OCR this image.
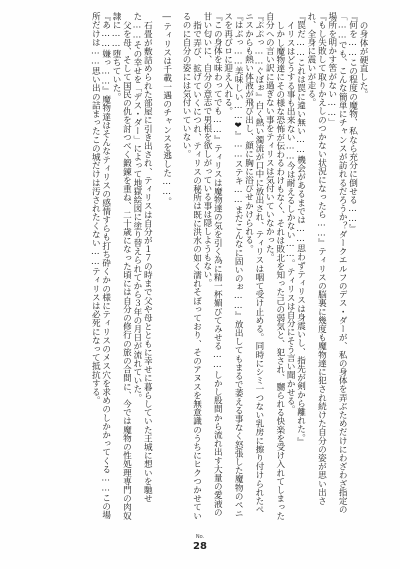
の身体が硬直した。

『何を……この程度の魔物、私なら充分に倒せる……』

「……でも、こんな簡単にチャンスが訪れるだろうか？ダークエルフのデス・ダーが、私の身体を弄ぶためだけにわざわざ指定の場所を明かす筈がない……」

『もし失敗して取りかえしのつかない状況になったら……』ティリスの脳裏に幾度も魔物達に犯され続けた自分の姿が思い出され、全身に震いが走る。

『罠だ……これは罠に違い無い……機会があるまでは……思わずティリスは身震いし、指先が剣から離れた。』

イリスはどうする事も出来ない……今は耐えるしかない……。ティリスは自分にそう言い聞かせる。

しかし魔物達にその様な恐怖が伝わるわけもなく、それは敗北を知った己の弱気と、犯され、嬲られる快楽を受け入れてしまった自分への言い訳に過ぎない事をティリスは気付いていなかった。

『ぷぷっ……ぐぼぉ』白く熱い濁流が口中に放出され、ティリスは咽て受け止める。同時にシミ一つない乳房に擦り付けられたペニスからも熱い体液が飛び出し、顔に胸に浴びせかけられる。

『はぶっ……美味しい……❤』……ステキ……まだこんなに固いのぉ……』放出してもまるで萎える事なく怒張した魔物のペニスを再びロに迎え入れる。

『この身体を味わってでも……』ティリスは魔物達の気を引く為に精一杯媚びてみせる……しかし股間から流れ出す大量の愛液の甘い匂いに、自分の意志で男根を欲しがっている事は隠しようもない。

指で弄び、拡げていくにつれ、ティリスの秘所は既に洪水の如く濡れそぼっており、そのアヌスを無意識のうちにヒクつかせているのに自分の姿には気付いていない。

―ティリスは千載一遇のチャンスを逃した……。

石畳が敷詰められた部屋に引き出され、ティリスは自分が１７の時まで父や母とともに幸せに暮らしていた王城に想いを馳せた……その幸せを「デス・ダー」によって地獄絵図に塗り替えられてから３年の月日が流れていた。

父を母、そして国民の仇を討つべく鍛錬を重ね、二十歳になった頃には自分の修行の旅の合間に、今では魔物の性処理専門の肉奴隷に……堕ちていた。

『あ……嫌っ……』魔物達はそんなティリスの感情すらも打ち砕くかの様にティリスのメス穴を求めのしかかってくる……この場所だけは……思い出の詰まったこの城だけは汚されたくない……ティリスは必死になって抵抗する。

No.
28
